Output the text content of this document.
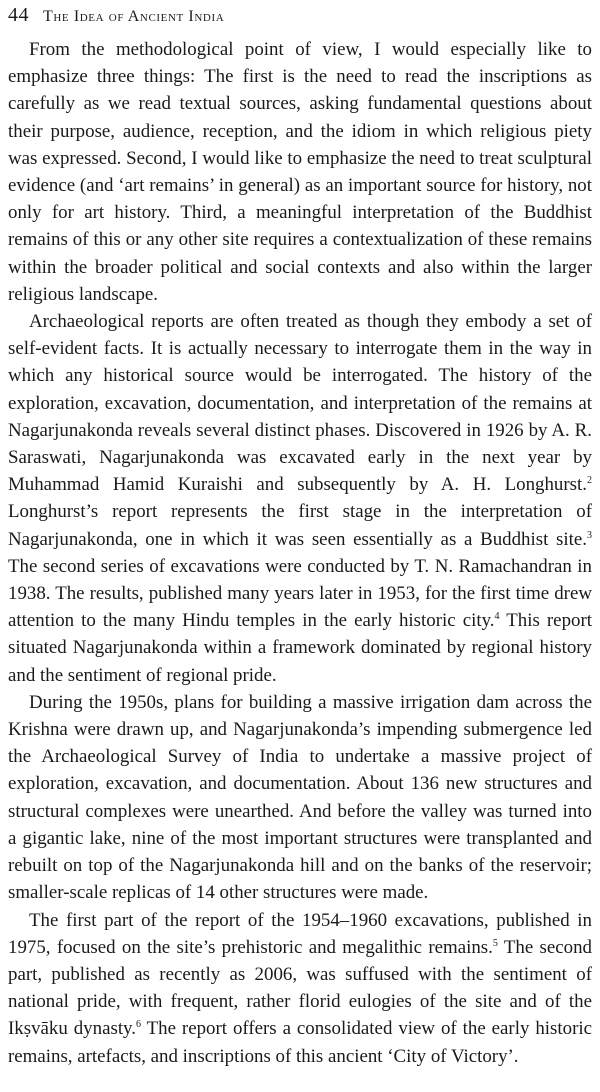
44 The Idea of Ancient India

From the methodological point of view, I would especially like to emphasize three things: The first is the need to read the inscriptions as carefully as we read textual sources, asking fundamental questions about their purpose, audience, reception, and the idiom in which religious piety was expressed. Second, I would like to emphasize the need to treat sculptural evidence (and ‘art remains’ in general) as an important source for history, not only for art history. Third, a meaningful interpretation of the Buddhist remains of this or any other site requires a contextualization of these remains within the broader political and social contexts and also within the larger religious landscape.

Archaeological reports are often treated as though they embody a set of self-evident facts. It is actually necessary to interrogate them in the way in which any historical source would be interrogated. The history of the exploration, excavation, documentation, and interpretation of the remains at Nagarjunakonda reveals several distinct phases. Discovered in 1926 by A. R. Saraswati, Nagarjunakonda was excavated early in the next year by Muhammad Hamid Kuraishi and subsequently by A. H. Longhurst.$^2$ Longhurst’s report represents the first stage in the interpretation of Nagarjunakonda, one in which it was seen essentially as a Buddhist site.$^3$ The second series of excavations were conducted by T. N. Ramachandran in 1938. The results, published many years later in 1953, for the first time drew attention to the many Hindu temples in the early historic city.$^4$ This report situated Nagarjunakonda within a framework dominated by regional history and the sentiment of regional pride.

During the 1950s, plans for building a massive irrigation dam across the Krishna were drawn up, and Nagarjunakonda’s impending submergence led the Archaeological Survey of India to undertake a massive project of exploration, excavation, and documentation. About 136 new structures and structural complexes were unearthed. And before the valley was turned into a gigantic lake, nine of the most important structures were transplanted and rebuilt on top of the Nagarjunakonda hill and on the banks of the reservoir; smaller-scale replicas of 14 other structures were made.

The first part of the report of the 1954–1960 excavations, published in 1975, focused on the site’s prehistoric and megalithic remains.$^5$ The second part, published as recently as 2006, was suffused with the sentiment of national pride, with frequent, rather florid eulogies of the site and of the Ikṣvāku dynasty.$^6$ The report offers a consolidated view of the early historic remains, artefacts, and inscriptions of this ancient ‘City of Victory’.
